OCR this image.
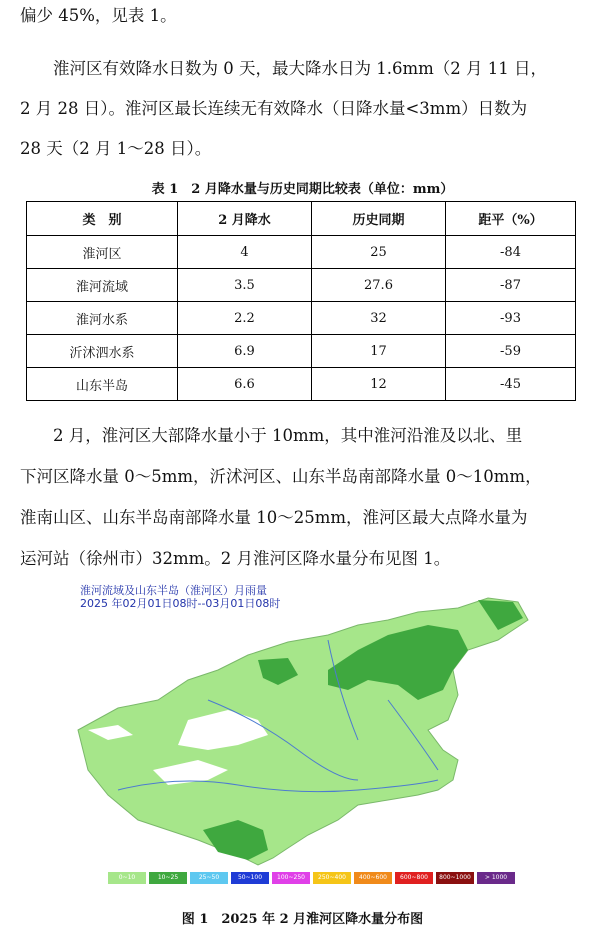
偏少 45%，见表 1。
淮河区有效降水日数为 0 天，最大降水日为 1.6mm（2 月 11 日，
2 月 28 日）。淮河区最长连续无有效降水（日降水量<3mm）日数为
28 天（2 月 1～28 日）。
表 1　2 月降水量与历史同期比较表（单位：mm）
类　别	2 月降水	历史同期	距平（%）
淮河区	4	25	-84
淮河流域	3.5	27.6	-87
淮河水系	2.2	32	-93
沂沭泗水系	6.9	17	-59
山东半岛	6.6	12	-45
2 月，淮河区大部降水量小于 10mm，其中淮河沿淮及以北、里
下河区降水量 0～5mm，沂沭河区、山东半岛南部降水量 0～10mm，
淮南山区、山东半岛南部降水量 10～25mm，淮河区最大点降水量为
运河站（徐州市）32mm。2 月淮河区降水量分布见图 1。
淮河流域及山东半岛（淮河区）月雨量
2025 年02月01日08时--03月01日08时
0~10	10~25	25~50	50~100	100~250	250~400	400~600	600~800	800~1000	> 1000
图 1　2025 年 2 月淮河区降水量分布图
